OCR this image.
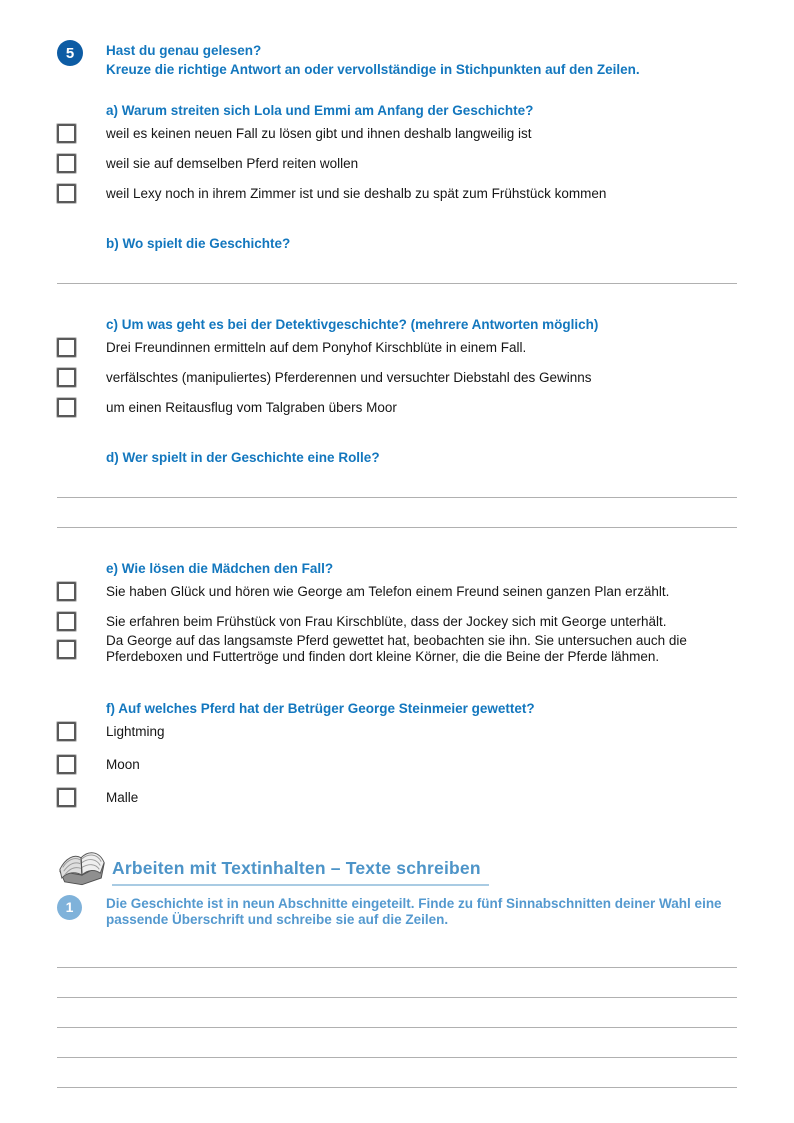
5	Hast du genau gelesen?
Kreuze die richtige Antwort an oder vervollständige in Stichpunkten auf den Zeilen.
a) Warum streiten sich Lola und Emmi am Anfang der Geschichte?
weil es keinen neuen Fall zu lösen gibt und ihnen deshalb langweilig ist
weil sie auf demselben Pferd reiten wollen
weil Lexy noch in ihrem Zimmer ist und sie deshalb zu spät zum Frühstück kommen
b) Wo spielt die Geschichte?
c) Um was geht es bei der Detektivgeschichte? (mehrere Antworten möglich)
Drei Freundinnen ermitteln auf dem Ponyhof Kirschblüte in einem Fall.
verfälschtes (manipuliertes) Pferderennen und versuchter Diebstahl des Gewinns
um einen Reitausflug vom Talgraben übers Moor
d) Wer spielt in der Geschichte eine Rolle?
e) Wie lösen die Mädchen den Fall?
Sie haben Glück und hören wie George am Telefon einem Freund seinen ganzen Plan erzählt.
Sie erfahren beim Frühstück von Frau Kirschblüte, dass der Jockey sich mit George unterhält.
Da George auf das langsamste Pferd gewettet hat, beobachten sie ihn. Sie untersuchen auch die Pferdeboxen und Futtertröge und finden dort kleine Körner, die die Beine der Pferde lähmen.
f) Auf welches Pferd hat der Betrüger George Steinmeier gewettet?
Lightming
Moon
Malle
Arbeiten mit Textinhalten – Texte schreiben
1	Die Geschichte ist in neun Abschnitte eingeteilt. Finde zu fünf Sinnabschnitten deiner Wahl eine passende Überschrift und schreibe sie auf die Zeilen.
